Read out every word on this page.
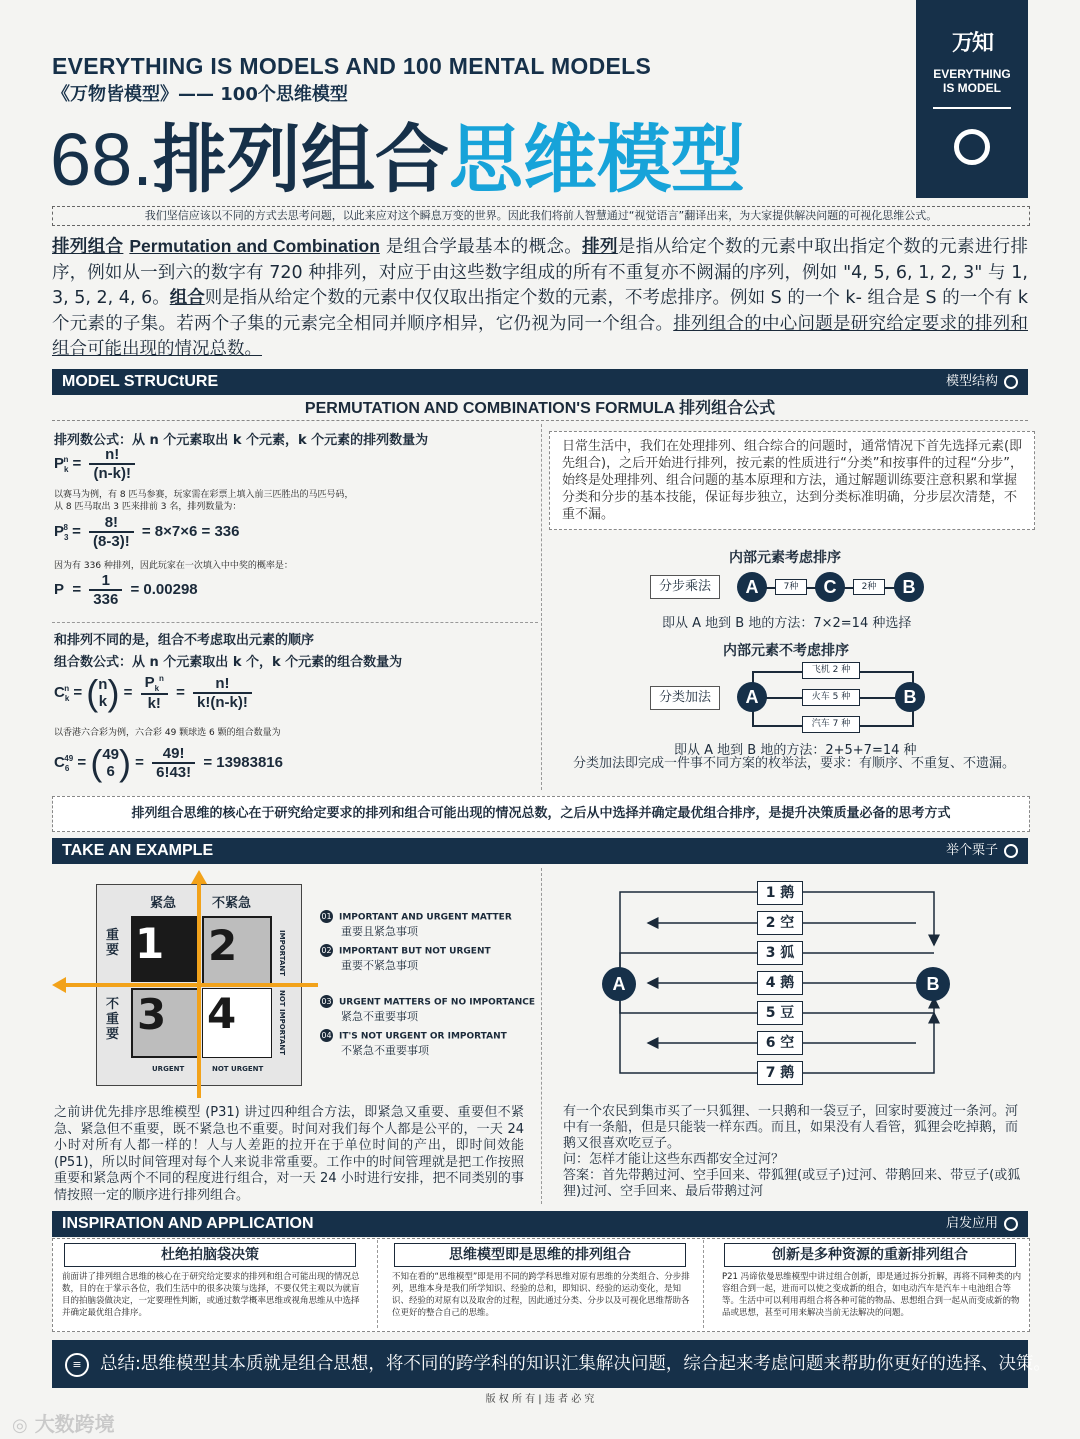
EVERYTHING IS MODELS AND 100 MENTAL MODELS
《万物皆模型》—— 100个思维模型
68.排列组合思维模型
万知
EVERYTHING
IS MODEL
我们坚信应该以不同的方式去思考问题，以此来应对这个瞬息万变的世界。因此我们将前人智慧通过“视觉语言”翻译出来，为大家提供解决问题的可视化思维公式。
排列组合 Permutation and Combination 是组合学最基本的概念。排列是指从给定个数的元素中取出指定个数的元素进行排序，例如从一到六的数字有 720 种排列，对应于由这些数字组成的所有不重复亦不阙漏的序列，例如 "4, 5, 6, 1, 2, 3" 与 1, 3, 5, 2, 4, 6。组合则是指从给定个数的元素中仅仅取出指定个数的元素，不考虑排序。例如 S 的一个 k- 组合是 S 的一个有 k 个元素的子集。若两个子集的元素完全相同并顺序相异，它仍视为同一个组合。排列组合的中心问题是研究给定要求的排列和组合可能出现的情况总数。
MODEL STRUCtURE	模型结构
PERMUTATION AND COMBINATION'S FORMULA 排列组合公式
排列数公式：从 n 个元素取出 k 个元素，k 个元素的排列数量为
$P_k^n = \frac{n!}{(n-k)!}$
以赛马为例，有 8 匹马参赛，玩家需在彩票上填入前三匹胜出的马匹号码，
从 8 匹马取出 3 匹来排前 3 名，排列数量为：
$P_3^8 = \frac{8!}{(8-3)!} = 8\times 7\times 6 = 336$
因为有 336 种排列，因此玩家在一次填入中中奖的概率是：
$P = \frac{1}{336} = 0.00298$
和排列不同的是，组合不考虑取出元素的顺序
组合数公式：从 n 个元素取出 k 个，k 个元素的组合数量为
$C_k^n = (n$
$k) = \frac{P_k^n}{k!} = \frac{n!}{k!(n-k)!}$
以香港六合彩为例，六合彩 49 颗球选 6 颗的组合数量为
$C_6^{49} = (49$
6 ) = $\frac{49!}{6!43!} = 13983816$
日常生活中，我们在处理排列、组合综合的问题时，通常情况下首先选择元素(即先组合)，之后开始进行排列，按元素的性质进行“分类”和按事件的过程“分步”，始终是处理排列、组合问题的基本原理和方法，通过解题训练要注意积累和掌握分类和分步的基本技能，保证每步独立，达到分类标准明确，分步层次清楚，不重不漏。
内部元素考虑排序
分步乘法	A	7种	C	2种	B
即从 A 地到 B 地的方法：7×2=14 种选择
内部元素不考虑排序
分类加法	A	B
飞机 2 种
火车 5 种
汽车 7 种
即从 A 地到 B 地的方法：2+5+7=14 种
分类加法即完成一件事不同方案的枚举法，要求：有顺序、不重复、不遗漏。
排列组合思维的核心在于研究给定要求的排列和组合可能出现的情况总数，之后从中选择并确定最优组合排序，是提升决策质量必备的思考方式
TAKE AN EXAMPLE	举个栗子
紧急	不紧急
重要
不重要
IMPORTANT
NOT IMPORTANT
URGENT	NOT URGENT
1	2
3 4
01 IMPORTANT AND URGENT MATTER
重要且紧急事项
02 IMPORTANT BUT NOT URGENT
重要不紧急事项
03 URGENT MATTERS OF NO IMPORTANCE
紧急不重要事项
04 IT'S NOT URGENT OR IMPORTANT
不紧急不重要事项
之前讲优先排序思维模型 (P31) 讲过四种组合方法，即紧急又重要、重要但不紧急、紧急但不重要，既不紧急也不重要。时间对我们每个人都是公平的，一天 24 小时对所有人都一样的！人与人差距的拉开在于单位时间的产出，即时间效能 (P51)，所以时间管理对每个人来说非常重要。工作中的时间管理就是把工作按照重要和紧急两个不同的程度进行组合，对一天 24 小时进行安排，把不同类别的事情按照一定的顺序进行排列组合。
A	B
1 鹅
2 空
3 狐
4 鹅
5 豆
6 空
7 鹅
有一个农民到集市买了一只狐狸、一只鹅和一袋豆子，回家时要渡过一条河。河中有一条船，但是只能装一样东西。而且，如果没有人看管，狐狸会吃掉鹅，而鹅又很喜欢吃豆子。
问：怎样才能让这些东西都安全过河？
答案：首先带鹅过河、空手回来、带狐狸(或豆子)过河、带鹅回来、带豆子(或狐狸)过河、空手回来、最后带鹅过河
INSPIRATION AND APPLICATION	启发应用
杜绝拍脑袋决策
前面讲了排列组合思维的核心在于研究给定要求的排列和组合可能出现的情况总数，目的在于掌示各位，我们生活中的很多决策与选择，不要仅凭主观以为就盲目的拍脑袋做决定，一定要理性判断，或通过数学概率思维或视角思维从中选择并确定最优组合排序。
思维模型即是思维的排列组合
不知在看的“思维模型”即是用不同的跨学科思维对原有思维的分类组合、分步排列，思维本身是我们所学知识、经验的总和，即知识、经验的运动变化，是知识、经验的对原有以及取舍的过程，因此通过分类、分步以及可视化思维帮助各位更好的整合自己的思维。
创新是多种资源的重新排列组合
P21 冯谛依曼思维模型中讲过组合创新，即是通过拆分折解，再将不同种类的内容组合到一起，进而可以使之变成新的组合，如电动汽车是汽车＋电池组合等等。生活中可以利用再组合将各种可能的物品、思想组合到一起从而变成新的物品或思想，甚至可用来解决当前无法解决的问题。
≡	总结:思维模型其本质就是组合思想，将不同的跨学科的知识汇集解决问题，综合起来考虑问题来帮助你更好的选择、决策。
版 权 所 有 | 违 者 必 究
◎ 大数跨境
